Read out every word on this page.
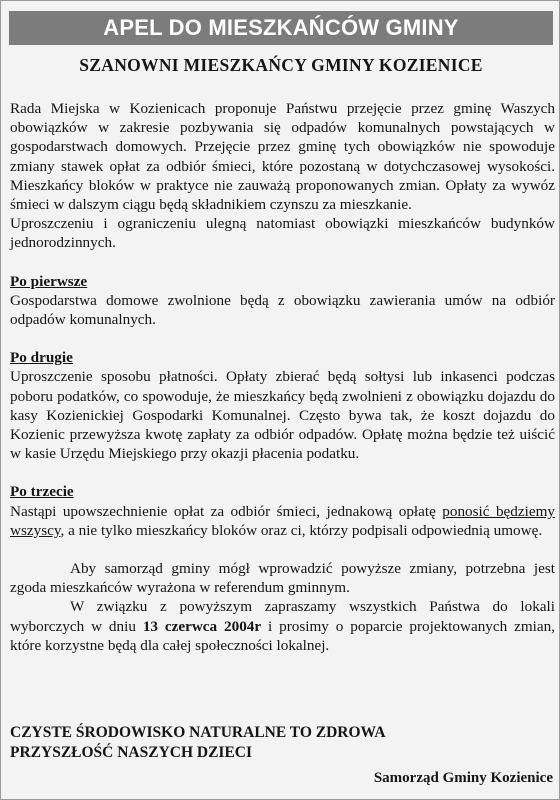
APEL DO MIESZKAŃCÓW GMINY
SZANOWNI MIESZKAŃCY GMINY KOZIENICE

Rada Miejska w Kozienicach proponuje Państwu przejęcie przez gminę Waszych obowiązków w zakresie pozbywania się odpadów komunalnych powstających w gospodarstwach domowych. Przejęcie przez gminę tych obowiązków nie spowoduje zmiany stawek opłat za odbiór śmieci, które pozostaną w dotychczasowej wysokości. Mieszkańcy bloków w praktyce nie zauważą proponowanych zmian. Opłaty za wywóz śmieci w dalszym ciągu będą składnikiem czynszu za mieszkanie.

Uproszczeniu i ograniczeniu ulegną natomiast obowiązki mieszkańców budynków jednorodzinnych.

Po pierwsze

Gospodarstwa domowe zwolnione będą z obowiązku zawierania umów na odbiór odpadów komunalnych.

Po drugie

Uproszczenie sposobu płatności. Opłaty zbierać będą sołtysi lub inkasenci podczas poboru podatków, co spowoduje, że mieszkańcy będą zwolnieni z obowiązku dojazdu do kasy Kozienickiej Gospodarki Komunalnej. Często bywa tak, że koszt dojazdu do Kozienic przewyższa kwotę zapłaty za odbiór odpadów. Opłatę można będzie też uiścić w kasie Urzędu Miejskiego przy okazji płacenia podatku.

Po trzecie

Nastąpi upowszechnienie opłat za odbiór śmieci, jednakową opłatę ponosić będziemy wszyscy, a nie tylko mieszkańcy bloków oraz ci, którzy podpisali odpowiednią umowę.

Aby samorząd gminy mógł wprowadzić powyższe zmiany, potrzebna jest zgoda mieszkańców wyrażona w referendum gminnym.

W związku z powyższym zapraszamy wszystkich Państwa do lokali wyborczych w dniu 13 czerwca 2004r i prosimy o poparcie projektowanych zmian, które korzystne będą dla całej społeczności lokalnej.

CZYSTE ŚRODOWISKO NATURALNE TO ZDROWA
PRZYSZŁOŚĆ NASZYCH DZIECI
Samorząd Gminy Kozienice
